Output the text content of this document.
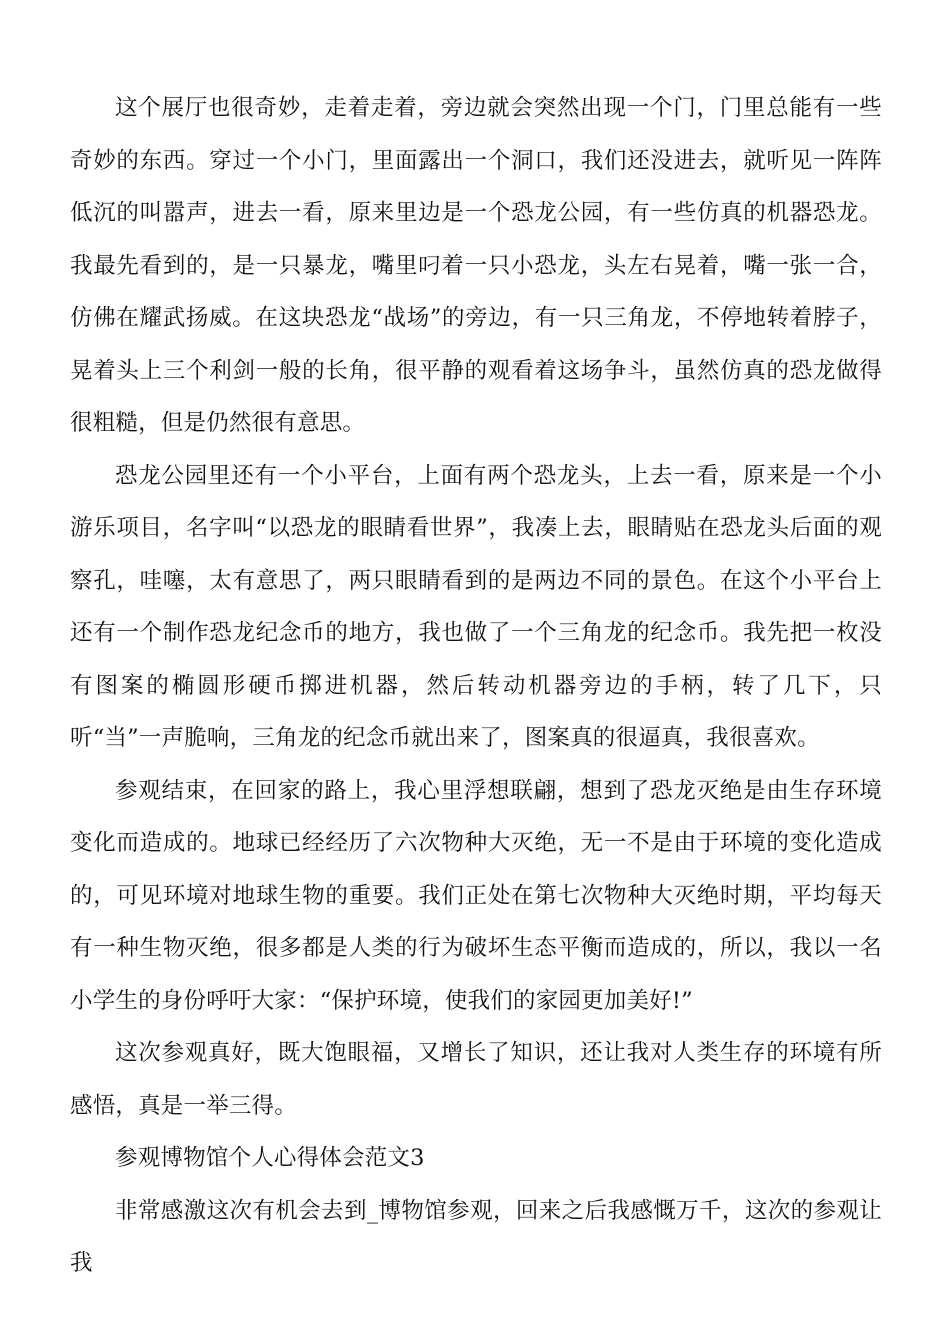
这个展厅也很奇妙，走着走着，旁边就会突然出现一个门，门里总能有一些奇妙的东西。穿过一个小门，里面露出一个洞口，我们还没进去，就听见一阵阵低沉的叫嚣声，进去一看，原来里边是一个恐龙公园，有一些仿真的机器恐龙。我最先看到的，是一只暴龙，嘴里叼着一只小恐龙，头左右晃着，嘴一张一合，仿佛在耀武扬威。在这块恐龙“战场”的旁边，有一只三角龙，不停地转着脖子，晃着头上三个利剑一般的长角，很平静的观看着这场争斗，虽然仿真的恐龙做得很粗糙，但是仍然很有意思。

恐龙公园里还有一个小平台，上面有两个恐龙头，上去一看，原来是一个小游乐项目，名字叫“以恐龙的眼睛看世界”，我凑上去，眼睛贴在恐龙头后面的观察孔，哇噻，太有意思了，两只眼睛看到的是两边不同的景色。在这个小平台上还有一个制作恐龙纪念币的地方，我也做了一个三角龙的纪念币。我先把一枚没有图案的椭圆形硬币掷进机器，然后转动机器旁边的手柄，转了几下，只听“当”一声脆响，三角龙的纪念币就出来了，图案真的很逼真，我很喜欢。

参观结束，在回家的路上，我心里浮想联翩，想到了恐龙灭绝是由生存环境变化而造成的。地球已经经历了六次物种大灭绝，无一不是由于环境的变化造成的，可见环境对地球生物的重要。我们正处在第七次物种大灭绝时期，平均每天有一种生物灭绝，很多都是人类的行为破坏生态平衡而造成的，所以，我以一名小学生的身份呼吁大家：“保护环境，使我们的家园更加美好!”

这次参观真好，既大饱眼福，又增长了知识，还让我对人类生存的环境有所感悟，真是一举三得。

参观博物馆个人心得体会范文3

非常感激这次有机会去到_博物馆参观，回来之后我感慨万千，这次的参观让我
